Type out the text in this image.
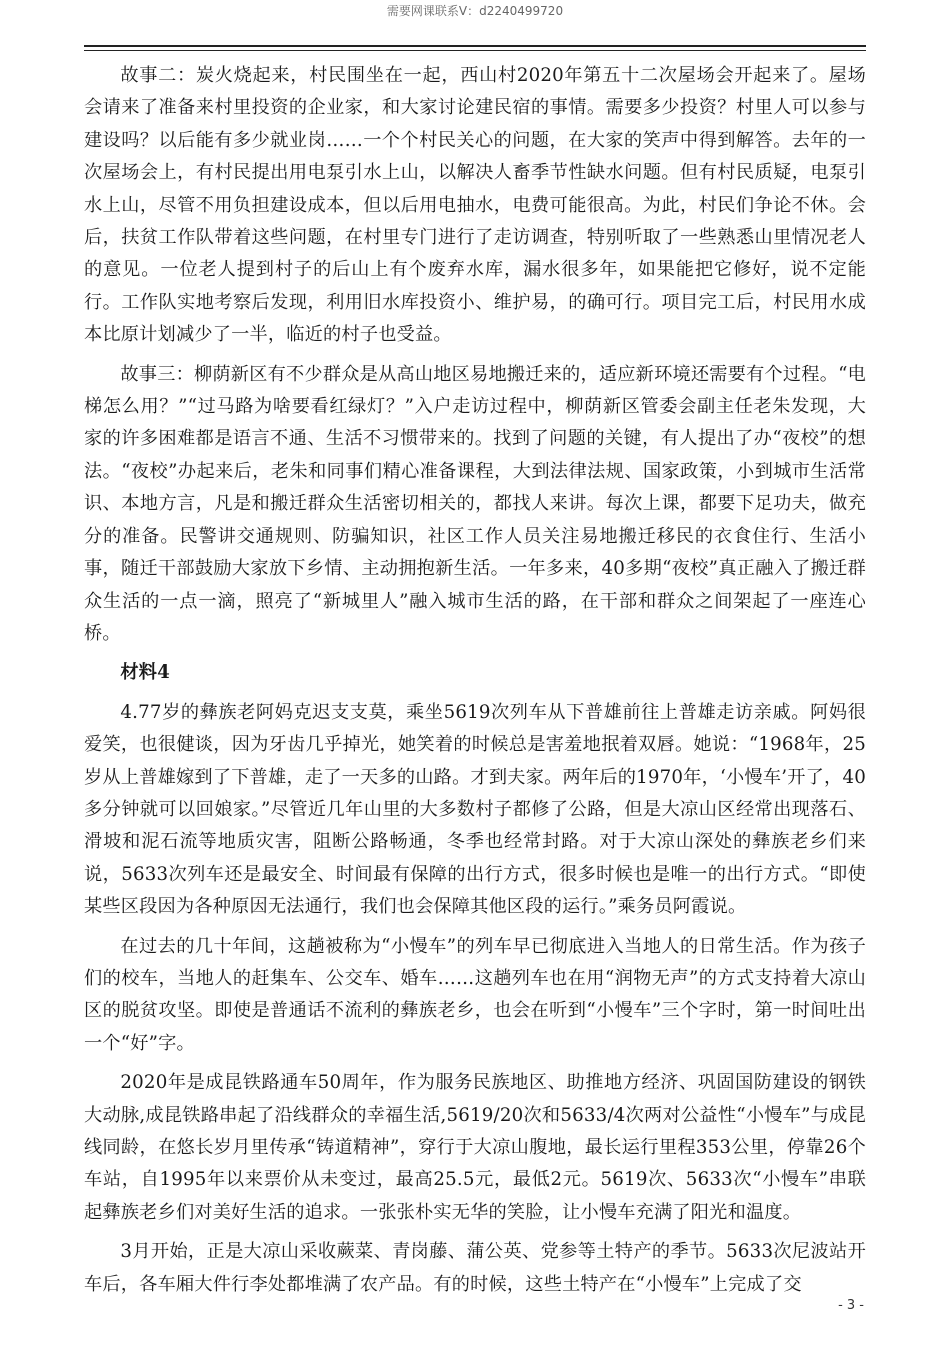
需要网课联系V：d2240499720

故事二：炭火烧起来，村民围坐在一起，西山村2020年第五十二次屋场会开起来了。屋场会请来了准备来村里投资的企业家，和大家讨论建民宿的事情。需要多少投资？村里人可以参与建设吗？以后能有多少就业岗……一个个村民关心的问题，在大家的笑声中得到解答。去年的一次屋场会上，有村民提出用电泵引水上山，以解决人畜季节性缺水问题。但有村民质疑，电泵引水上山，尽管不用负担建设成本，但以后用电抽水，电费可能很高。为此，村民们争论不休。会后，扶贫工作队带着这些问题，在村里专门进行了走访调查，特别听取了一些熟悉山里情况老人的意见。一位老人提到村子的后山上有个废弃水库，漏水很多年，如果能把它修好，说不定能行。工作队实地考察后发现，利用旧水库投资小、维护易，的确可行。项目完工后，村民用水成本比原计划减少了一半，临近的村子也受益。

故事三：柳荫新区有不少群众是从高山地区易地搬迁来的，适应新环境还需要有个过程。“电梯怎么用？”“过马路为啥要看红绿灯？”入户走访过程中，柳荫新区管委会副主任老朱发现，大家的许多困难都是语言不通、生活不习惯带来的。找到了问题的关键，有人提出了办“夜校”的想法。“夜校”办起来后，老朱和同事们精心准备课程，大到法律法规、国家政策，小到城市生活常识、本地方言，凡是和搬迁群众生活密切相关的，都找人来讲。每次上课，都要下足功夫，做充分的准备。民警讲交通规则、防骗知识，社区工作人员关注易地搬迁移民的衣食住行、生活小事，随迁干部鼓励大家放下乡情、主动拥抱新生活。一年多来，40多期“夜校”真正融入了搬迁群众生活的一点一滴，照亮了“新城里人”融入城市生活的路，在干部和群众之间架起了一座连心桥。

材料4

4.77岁的彝族老阿妈克迟支支莫，乘坐5619次列车从下普雄前往上普雄走访亲戚。阿妈很爱笑，也很健谈，因为牙齿几乎掉光，她笑着的时候总是害羞地抿着双唇。她说：“1968年，25岁从上普雄嫁到了下普雄，走了一天多的山路。才到夫家。两年后的1970年，‘小慢车’开了，40多分钟就可以回娘家。”尽管近几年山里的大多数村子都修了公路，但是大凉山区经常出现落石、滑坡和泥石流等地质灾害，阻断公路畅通，冬季也经常封路。对于大凉山深处的彝族老乡们来说，5633次列车还是最安全、时间最有保障的出行方式，很多时候也是唯一的出行方式。“即使某些区段因为各种原因无法通行，我们也会保障其他区段的运行。”乘务员阿霞说。

在过去的几十年间，这趟被称为“小慢车”的列车早已彻底进入当地人的日常生活。作为孩子们的校车，当地人的赶集车、公交车、婚车……这趟列车也在用“润物无声”的方式支持着大凉山区的脱贫攻坚。即使是普通话不流利的彝族老乡，也会在听到“小慢车”三个字时，第一时间吐出一个“好”字。

2020年是成昆铁路通车50周年，作为服务民族地区、助推地方经济、巩固国防建设的钢铁大动脉,成昆铁路串起了沿线群众的幸福生活,5619/20次和5633/4次两对公益性“小慢车”与成昆线同龄，在悠长岁月里传承“铸道精神”，穿行于大凉山腹地，最长运行里程353公里，停靠26个车站，自1995年以来票价从未变过，最高25.5元，最低2元。5619次、5633次“小慢车”串联起彝族老乡们对美好生活的追求。一张张朴实无华的笑脸，让小慢车充满了阳光和温度。

3月开始，正是大凉山采收蕨菜、青岗藤、蒲公英、党参等土特产的季节。5633次尼波站开车后，各车厢大件行李处都堆满了农产品。有的时候，这些土特产在“小慢车”上完成了交

- 3 -
